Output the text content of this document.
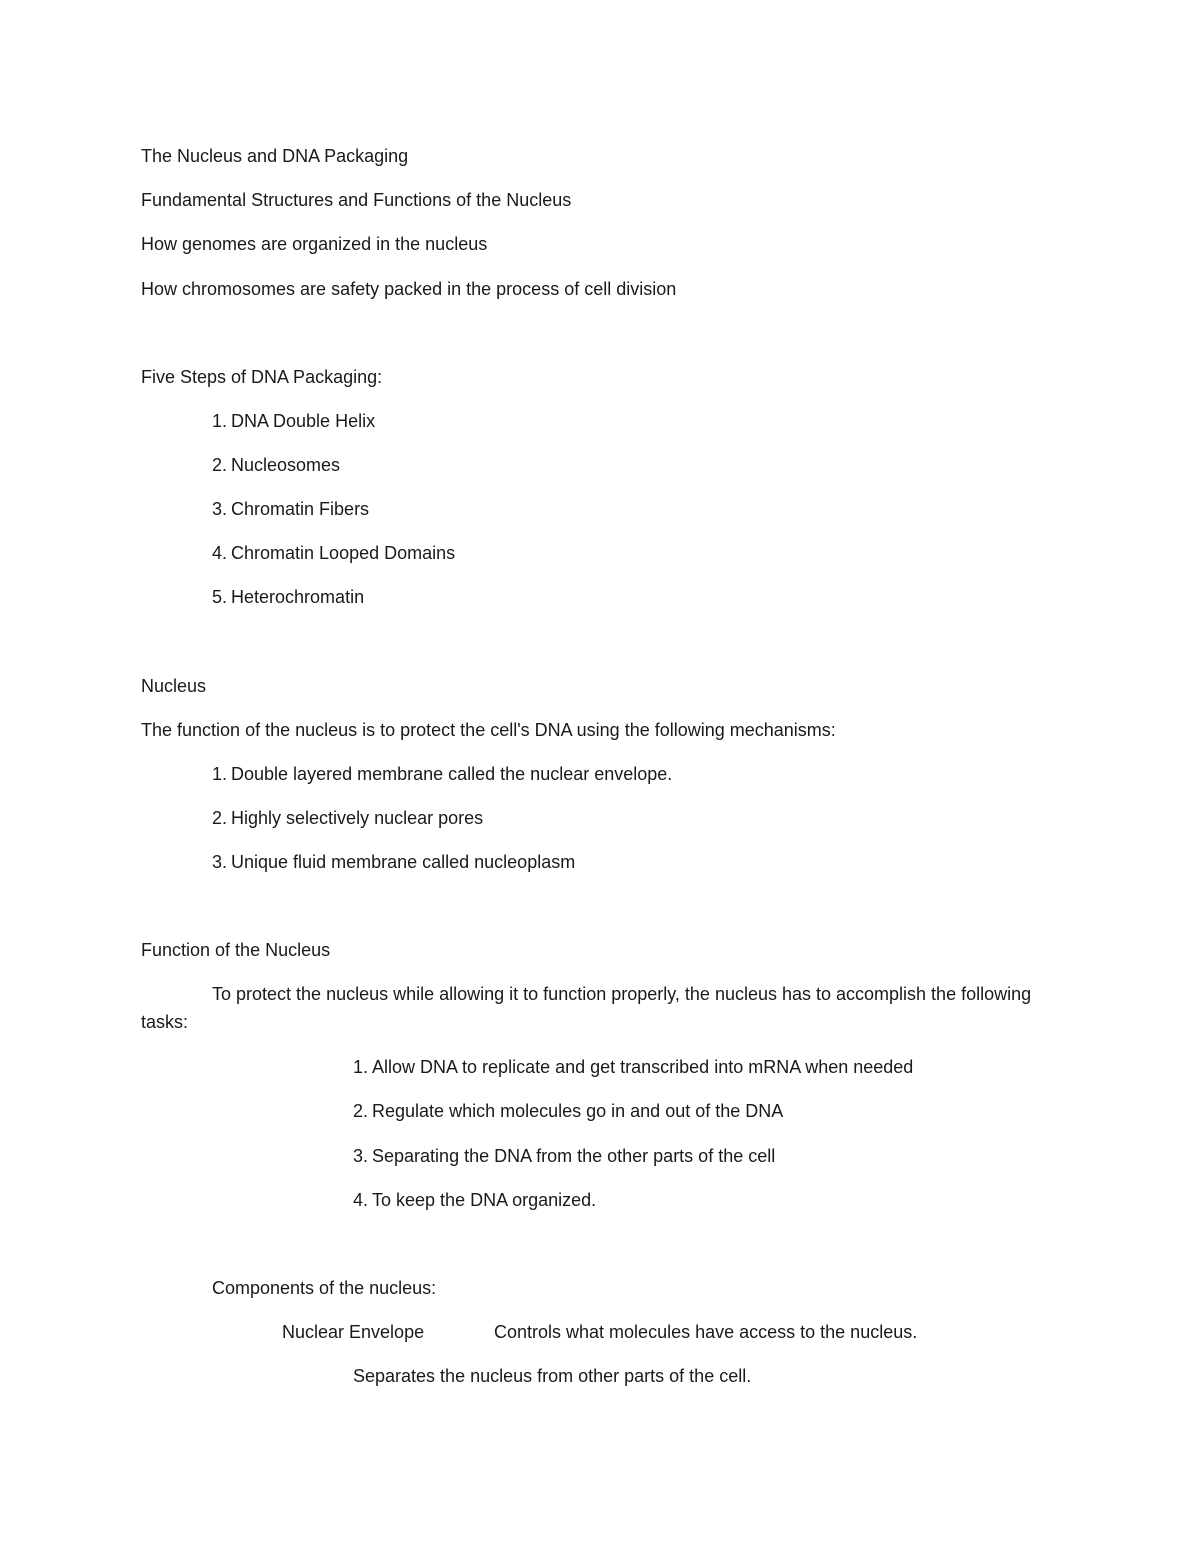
The Nucleus and DNA Packaging
Fundamental Structures and Functions of the Nucleus
How genomes are organized in the nucleus
How chromosomes are safety packed in the process of cell division
Five Steps of DNA Packaging:
1. DNA Double Helix
2. Nucleosomes
3. Chromatin Fibers
4. Chromatin Looped Domains
5. Heterochromatin
Nucleus
The function of the nucleus is to protect the cell's DNA using the following mechanisms:
1. Double layered membrane called the nuclear envelope.
2. Highly selectively nuclear pores
3. Unique fluid membrane called nucleoplasm
Function of the Nucleus
To protect the nucleus while allowing it to function properly, the nucleus has to accomplish the following tasks:
1. Allow DNA to replicate and get transcribed into mRNA when needed
2. Regulate which molecules go in and out of the DNA
3. Separating the DNA from the other parts of the cell
4. To keep the DNA organized.
Components of the nucleus:
Nuclear Envelope	Controls what molecules have access to the nucleus.
Separates the nucleus from other parts of the cell.
